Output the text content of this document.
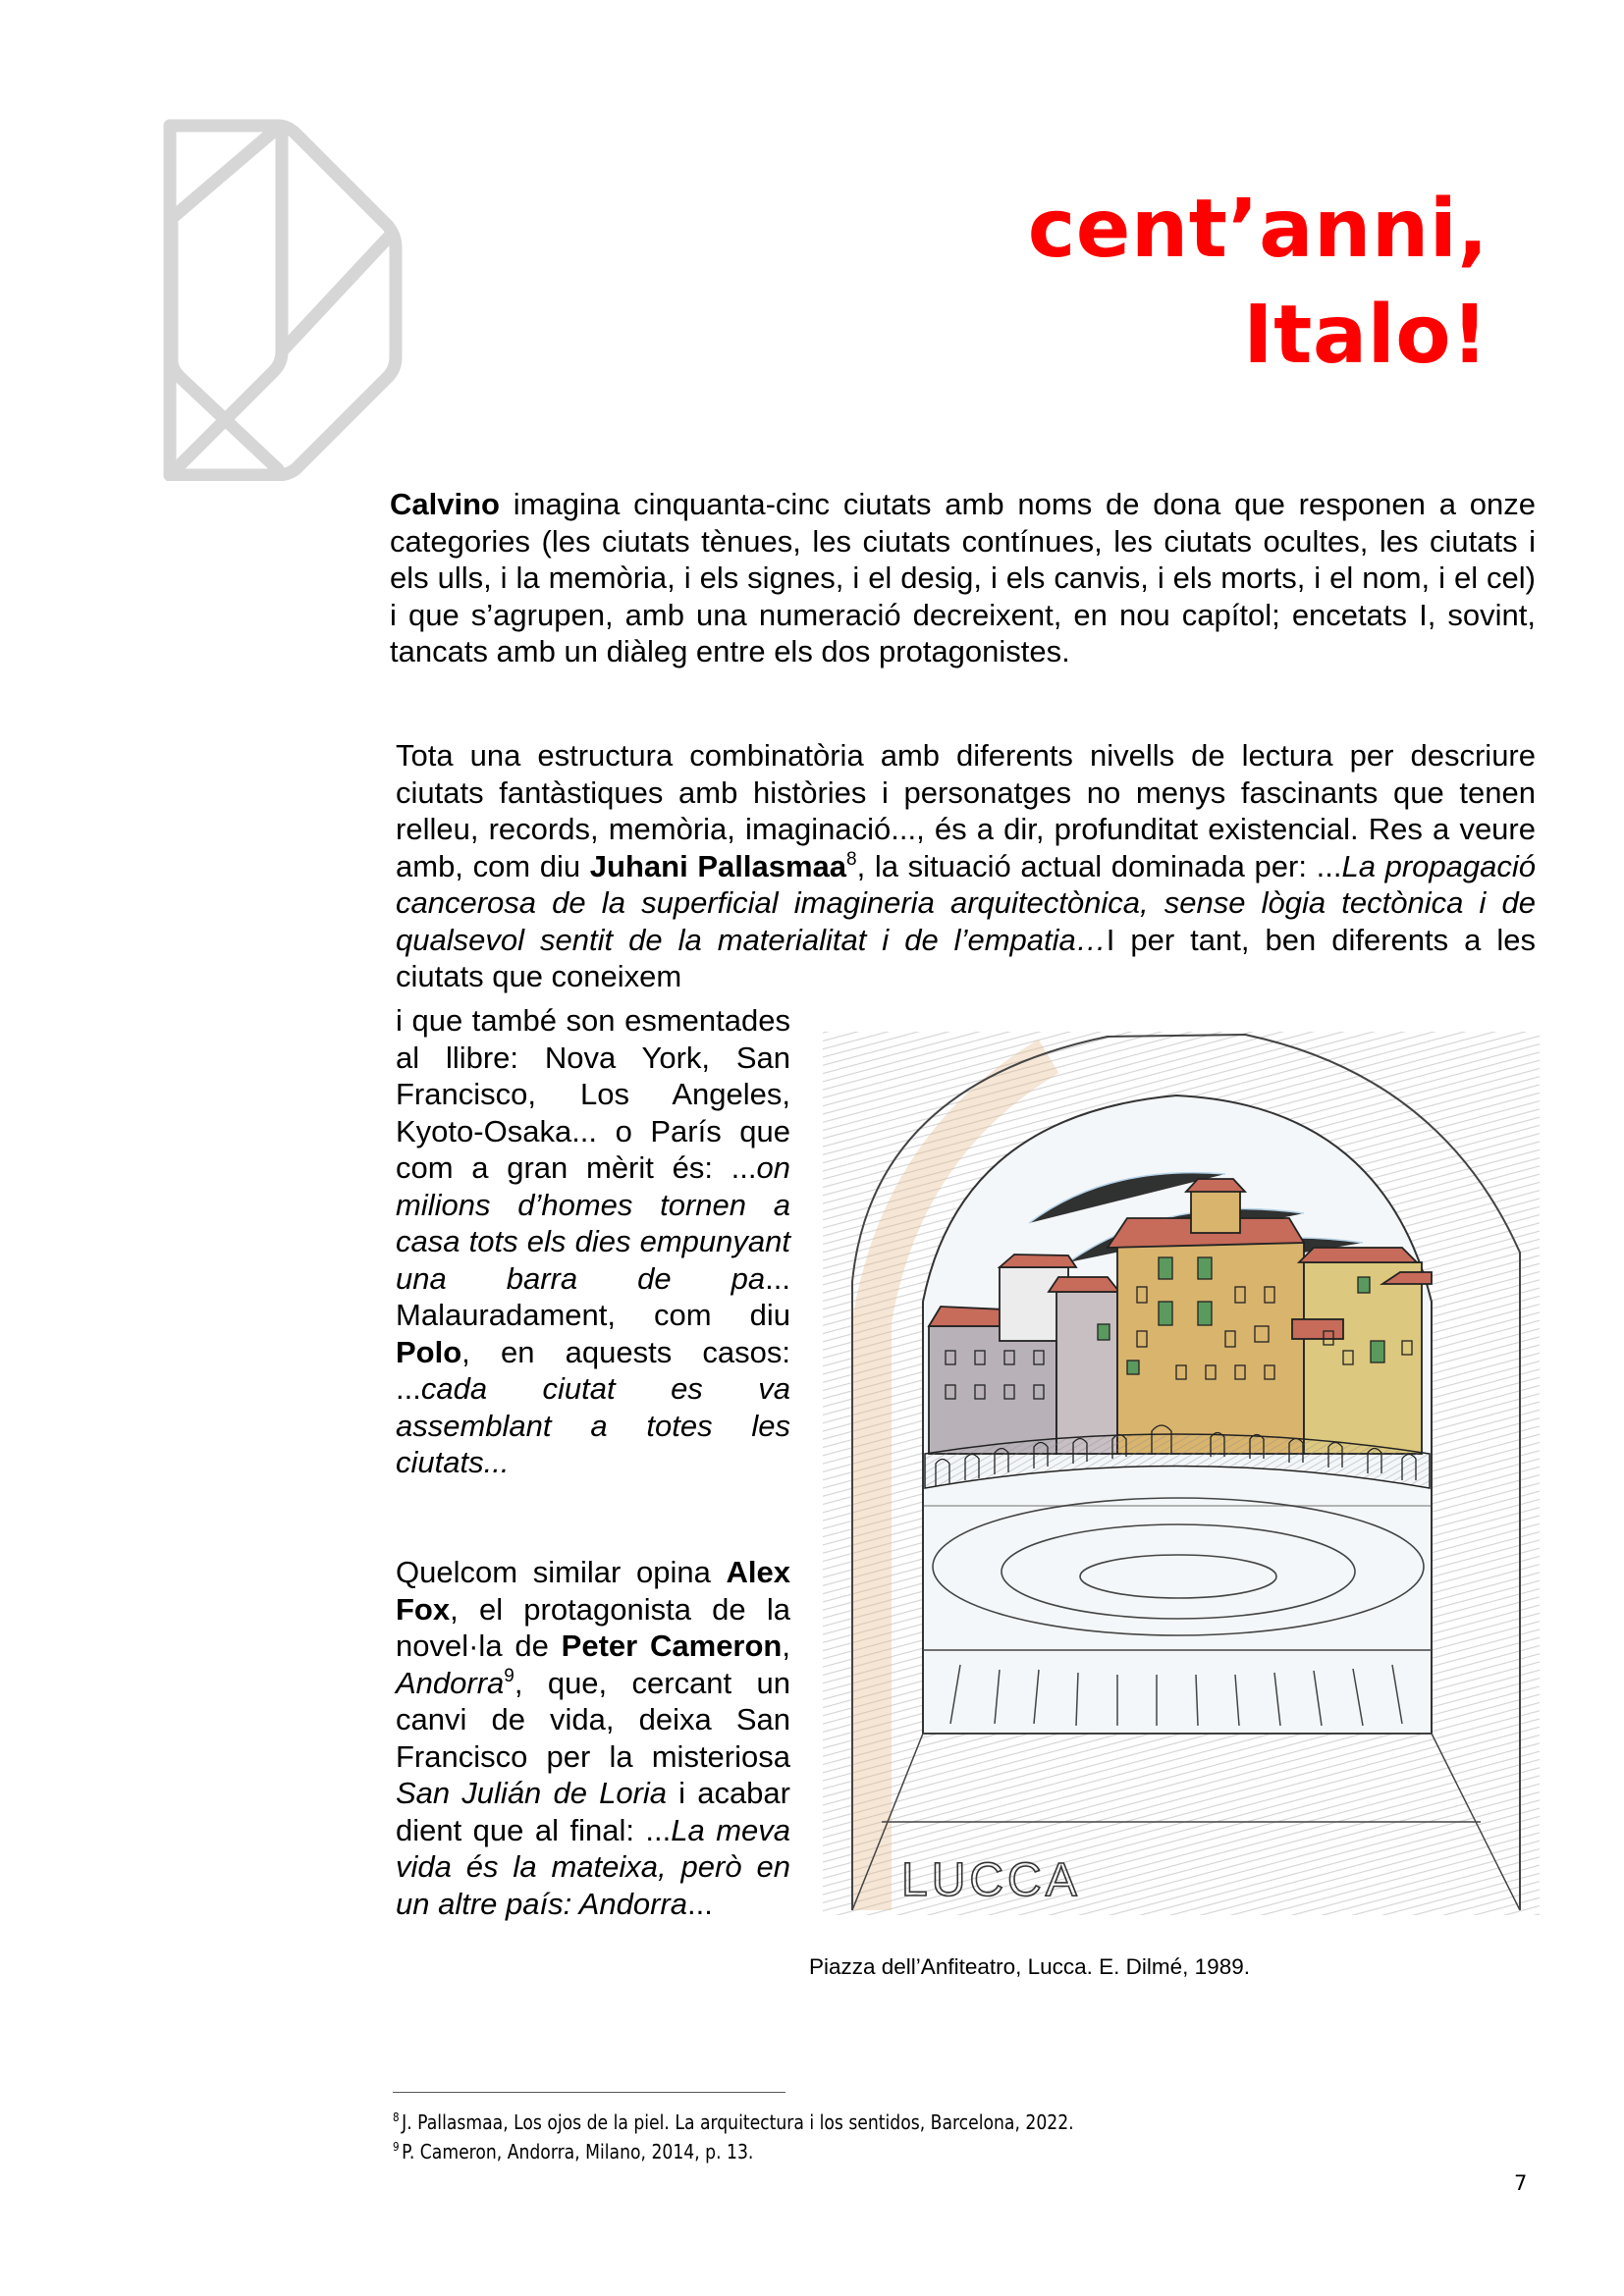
cent’anni,
Italo!

Calvino imagina cinquanta-cinc ciutats amb noms de dona que responen a onze categories (les ciutats tènues, les ciutats contínues, les ciutats ocultes, les ciutats i els ulls, i la memòria, i els signes, i el desig, i els canvis, i els morts, i el nom, i el cel) i que s’agrupen, amb una numeració decreixent, en nou capítol; encetats I, sovint, tancats amb un diàleg entre els dos protagonistes.

Tota una estructura combinatòria amb diferents nivells de lectura per descriure ciutats fantàstiques amb històries i personatges no menys fascinants que tenen relleu, records, memòria, imaginació..., és a dir, profunditat existencial. Res a veure amb, com diu Juhani Pallasmaa$^8$, la situació actual dominada per: ...La propagació cancerosa de la superficial imagineria arquitectònica, sense lògia tectònica i de qualsevol sentit de la materialitat i de l’empatia…I per tant, ben diferents a les ciutats que coneixem

i que també son esmentades al llibre: Nova York, San Francisco, Los Angeles, Kyoto-Osaka... o París que com a gran mèrit és: ...on milions d’homes tornen a casa tots els dies empunyant una barra de pa... Malauradament, com diu Polo, en aquests casos: ...cada ciutat es va assemblant a totes les ciutats...

Quelcom similar opina Alex Fox, el protagonista de la novel·la de Peter Cameron, Andorra$^9$, que, cercant un canvi de vida, deixa San Francisco per la misteriosa San Julián de Loria i acabar dient que al final: ...La meva vida és la mateixa, però en un altre país: Andorra...	LUCCA
Piazza dell’Anfiteatro, Lucca. E. Dilmé, 1989.
$^8$ J. Pallasmaa, Los ojos de la piel. La arquitectura i los sentidos, Barcelona, 2022.
$^9$ P. Cameron, Andorra, Milano, 2014, p. 13.
7
